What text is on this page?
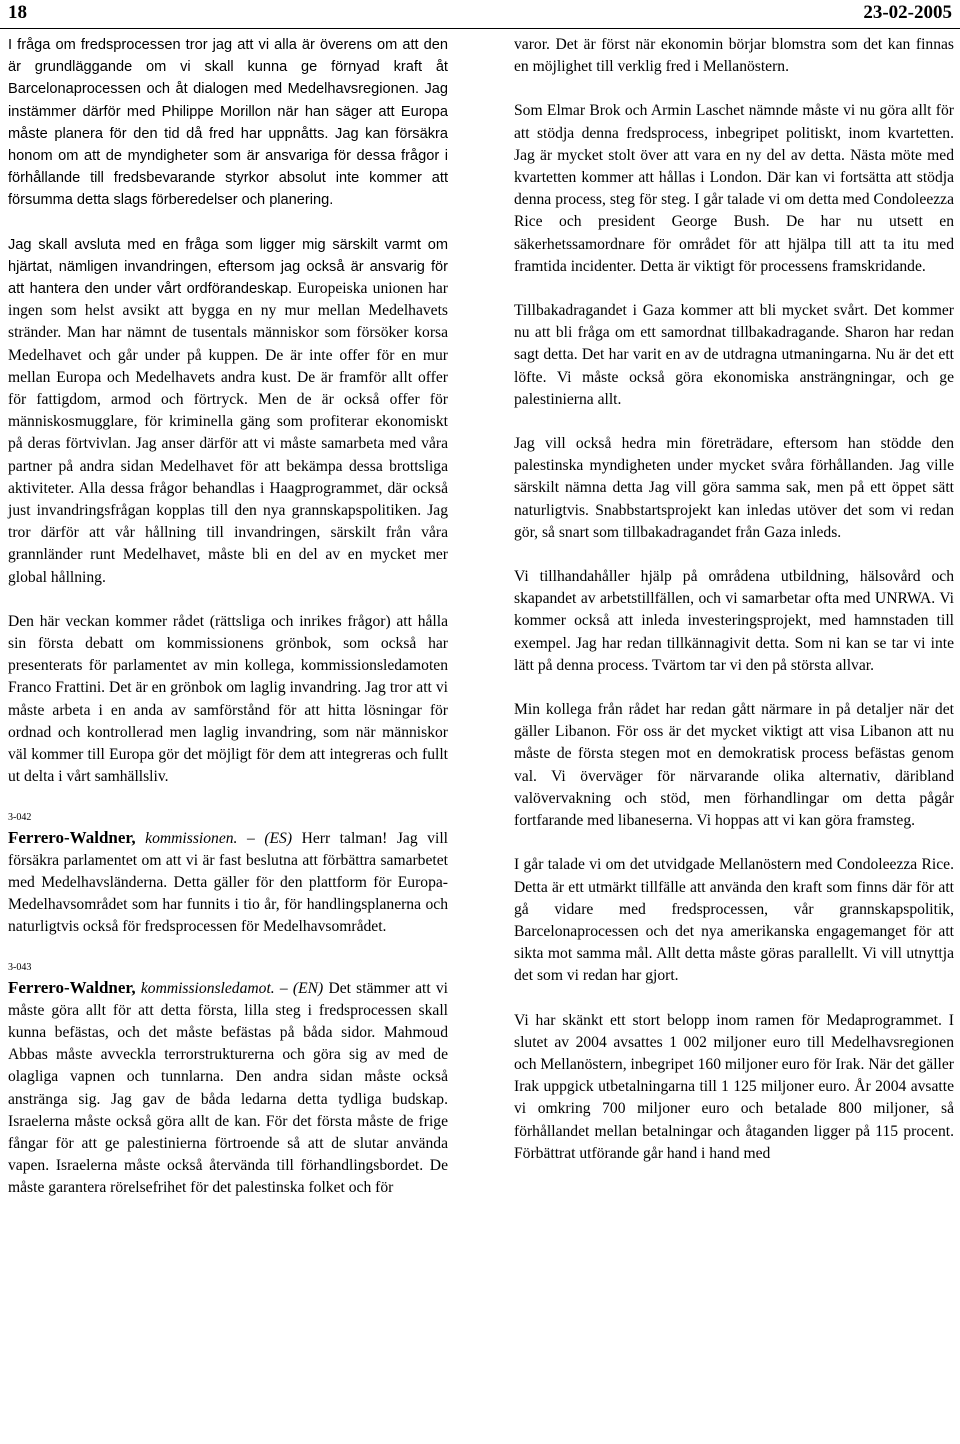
18	23-02-2005

I fråga om fredsprocessen tror jag att vi alla är överens om att den är grundläggande om vi skall kunna ge förnyad kraft åt Barcelonaprocessen och åt dialogen med Medelhavsregionen. Jag instämmer därför med Philippe Morillon när han säger att Europa måste planera för den tid då fred har uppnåtts. Jag kan försäkra honom om att de myndigheter som är ansvariga för dessa frågor i förhållande till fredsbevarande styrkor absolut inte kommer att försumma detta slags förberedelser och planering.

Jag skall avsluta med en fråga som ligger mig särskilt varmt om hjärtat, nämligen invandringen, eftersom jag också är ansvarig för att hantera den under vårt ordförandeskap. Europeiska unionen har ingen som helst avsikt att bygga en ny mur mellan Medelhavets stränder. Man har nämnt de tusentals människor som försöker korsa Medelhavet och går under på kuppen. De är inte offer för en mur mellan Europa och Medelhavets andra kust. De är framför allt offer för fattigdom, armod och förtryck. Men de är också offer för människosmugglare, för kriminella gäng som profiterar ekonomiskt på deras förtvivlan. Jag anser därför att vi måste samarbeta med våra partner på andra sidan Medelhavet för att bekämpa dessa brottsliga aktiviteter. Alla dessa frågor behandlas i Haagprogrammet, där också just invandringsfrågan kopplas till den nya grannskapspolitiken. Jag tror därför att vår hållning till invandringen, särskilt från våra grannländer runt Medelhavet, måste bli en del av en mycket mer global hållning.

Den här veckan kommer rådet (rättsliga och inrikes frågor) att hålla sin första debatt om kommissionens grönbok, som också har presenterats för parlamentet av min kollega, kommissionsledamoten Franco Frattini. Det är en grönbok om laglig invandring. Jag tror att vi måste arbeta i en anda av samförstånd för att hitta lösningar för ordnad och kontrollerad men laglig invandring, som när människor väl kommer till Europa gör det möjligt för dem att integreras och fullt ut delta i vårt samhällsliv.

3-042

Ferrero-Waldner, kommissionen. – (ES) Herr talman! Jag vill försäkra parlamentet om att vi är fast beslutna att förbättra samarbetet med Medelhavsländerna. Detta gäller för den plattform för Europa-Medelhavsområdet som har funnits i tio år, för handlingsplanerna och naturligtvis också för fredsprocessen för Medelhavsområdet.

3-043

Ferrero-Waldner, kommissionsledamot. – (EN) Det stämmer att vi måste göra allt för att detta första, lilla steg i fredsprocessen skall kunna befästas, och det måste befästas på båda sidor. Mahmoud Abbas måste avveckla terrorstrukturerna och göra sig av med de olagliga vapnen och tunnlarna. Den andra sidan måste också anstränga sig. Jag gav de båda ledarna detta tydliga budskap. Israelerna måste också göra allt de kan. För det första måste de frige fångar för att ge palestinierna förtroende så att de slutar använda vapen. Israelerna måste också återvända till förhandlingsbordet. De måste garantera rörelsefrihet för det palestinska folket och för

varor. Det är först när ekonomin börjar blomstra som det kan finnas en möjlighet till verklig fred i Mellanöstern.

Som Elmar Brok och Armin Laschet nämnde måste vi nu göra allt för att stödja denna fredsprocess, inbegripet politiskt, inom kvartetten. Jag är mycket stolt över att vara en ny del av detta. Nästa möte med kvartetten kommer att hållas i London. Där kan vi fortsätta att stödja denna process, steg för steg. I går talade vi om detta med Condoleezza Rice och president George Bush. De har nu utsett en säkerhetssamordnare för området för att hjälpa till att ta itu med framtida incidenter. Detta är viktigt för processens framskridande.

Tillbakadragandet i Gaza kommer att bli mycket svårt. Det kommer nu att bli fråga om ett samordnat tillbakadragande. Sharon har redan sagt detta. Det har varit en av de utdragna utmaningarna. Nu är det ett löfte. Vi måste också göra ekonomiska ansträngningar, och ge palestinierna allt.

Jag vill också hedra min företrädare, eftersom han stödde den palestinska myndigheten under mycket svåra förhållanden. Jag ville särskilt nämna detta Jag vill göra samma sak, men på ett öppet sätt naturligtvis. Snabbstartsprojekt kan inledas utöver det som vi redan gör, så snart som tillbakadragandet från Gaza inleds.

Vi tillhandahåller hjälp på områdena utbildning, hälsovård och skapandet av arbetstillfällen, och vi samarbetar ofta med UNRWA. Vi kommer också att inleda investeringsprojekt, med hamnstaden till exempel. Jag har redan tillkännagivit detta. Som ni kan se tar vi inte lätt på denna process. Tvärtom tar vi den på största allvar.

Min kollega från rådet har redan gått närmare in på detaljer när det gäller Libanon. För oss är det mycket viktigt att visa Libanon att nu måste de första stegen mot en demokratisk process befästas genom val. Vi överväger för närvarande olika alternativ, däribland valövervakning och stöd, men förhandlingar om detta pågår fortfarande med libaneserna. Vi hoppas att vi kan göra framsteg.

I går talade vi om det utvidgade Mellanöstern med Condoleezza Rice. Detta är ett utmärkt tillfälle att använda den kraft som finns där för att gå vidare med fredsprocessen, vår grannskapspolitik, Barcelonaprocessen och det nya amerikanska engagemanget för att sikta mot samma mål. Allt detta måste göras parallellt. Vi vill utnyttja det som vi redan har gjort.

Vi har skänkt ett stort belopp inom ramen för Medaprogrammet. I slutet av 2004 avsattes 1 002 miljoner euro till Medelhavsregionen och Mellanöstern, inbegripet 160 miljoner euro för Irak. När det gäller Irak uppgick utbetalningarna till 1 125 miljoner euro. År 2004 avsatte vi omkring 700 miljoner euro och betalade 800 miljoner, så förhållandet mellan betalningar och åtaganden ligger på 115 procent. Förbättrat utförande går hand i hand med
